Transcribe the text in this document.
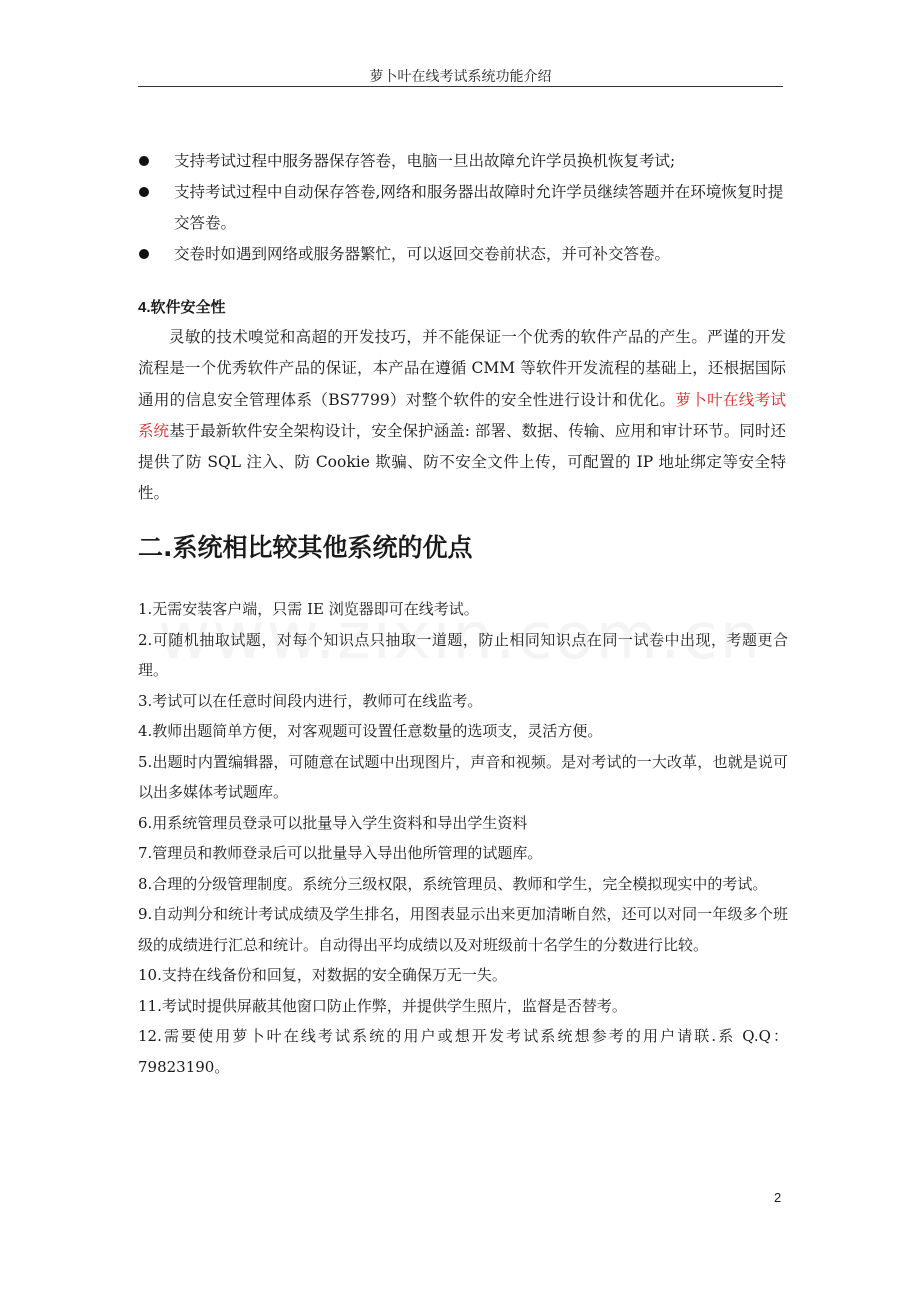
萝卜叶在线考试系统功能介绍
支持考试过程中服务器保存答卷，电脑一旦出故障允许学员换机恢复考试;
支持考试过程中自动保存答卷,网络和服务器出故障时允许学员继续答题并在环境恢复时提交答卷。
交卷时如遇到网络或服务器繁忙，可以返回交卷前状态，并可补交答卷。
4.软件安全性
灵敏的技术嗅觉和高超的开发技巧，并不能保证一个优秀的软件产品的产生。严谨的开发流程是一个优秀软件产品的保证，本产品在遵循 CMM 等软件开发流程的基础上，还根据国际通用的信息安全管理体系（BS7799）对整个软件的安全性进行设计和优化。萝卜叶在线考试系统基于最新软件安全架构设计，安全保护涵盖: 部署、数据、传输、应用和审计环节。同时还提供了防 SQL 注入、防 Cookie 欺骗、防不安全文件上传，可配置的 IP 地址绑定等安全特性。
二.系统相比较其他系统的优点
1.无需安装客户端，只需 IE 浏览器即可在线考试。
2.可随机抽取试题，对每个知识点只抽取一道题，防止相同知识点在同一试卷中出现，考题更合理。
3.考试可以在任意时间段内进行，教师可在线监考。
4.教师出题简单方便，对客观题可设置任意数量的选项支，灵活方便。
5.出题时内置编辑器，可随意在试题中出现图片，声音和视频。是对考试的一大改革，也就是说可以出多媒体考试题库。
6.用系统管理员登录可以批量导入学生资料和导出学生资料
7.管理员和教师登录后可以批量导入导出他所管理的试题库。
8.合理的分级管理制度。系统分三级权限，系统管理员、教师和学生，完全模拟现实中的考试。
9.自动判分和统计考试成绩及学生排名，用图表显示出来更加清晰自然，还可以对同一年级多个班级的成绩进行汇总和统计。自动得出平均成绩以及对班级前十名学生的分数进行比较。
10.支持在线备份和回复，对数据的安全确保万无一失。
11.考试时提供屏蔽其他窗口防止作弊，并提供学生照片，监督是否替考。
12.需要使用萝卜叶在线考试系统的用户或想开发考试系统想参考的用户请联.系 Q.Q：79823190。
2
